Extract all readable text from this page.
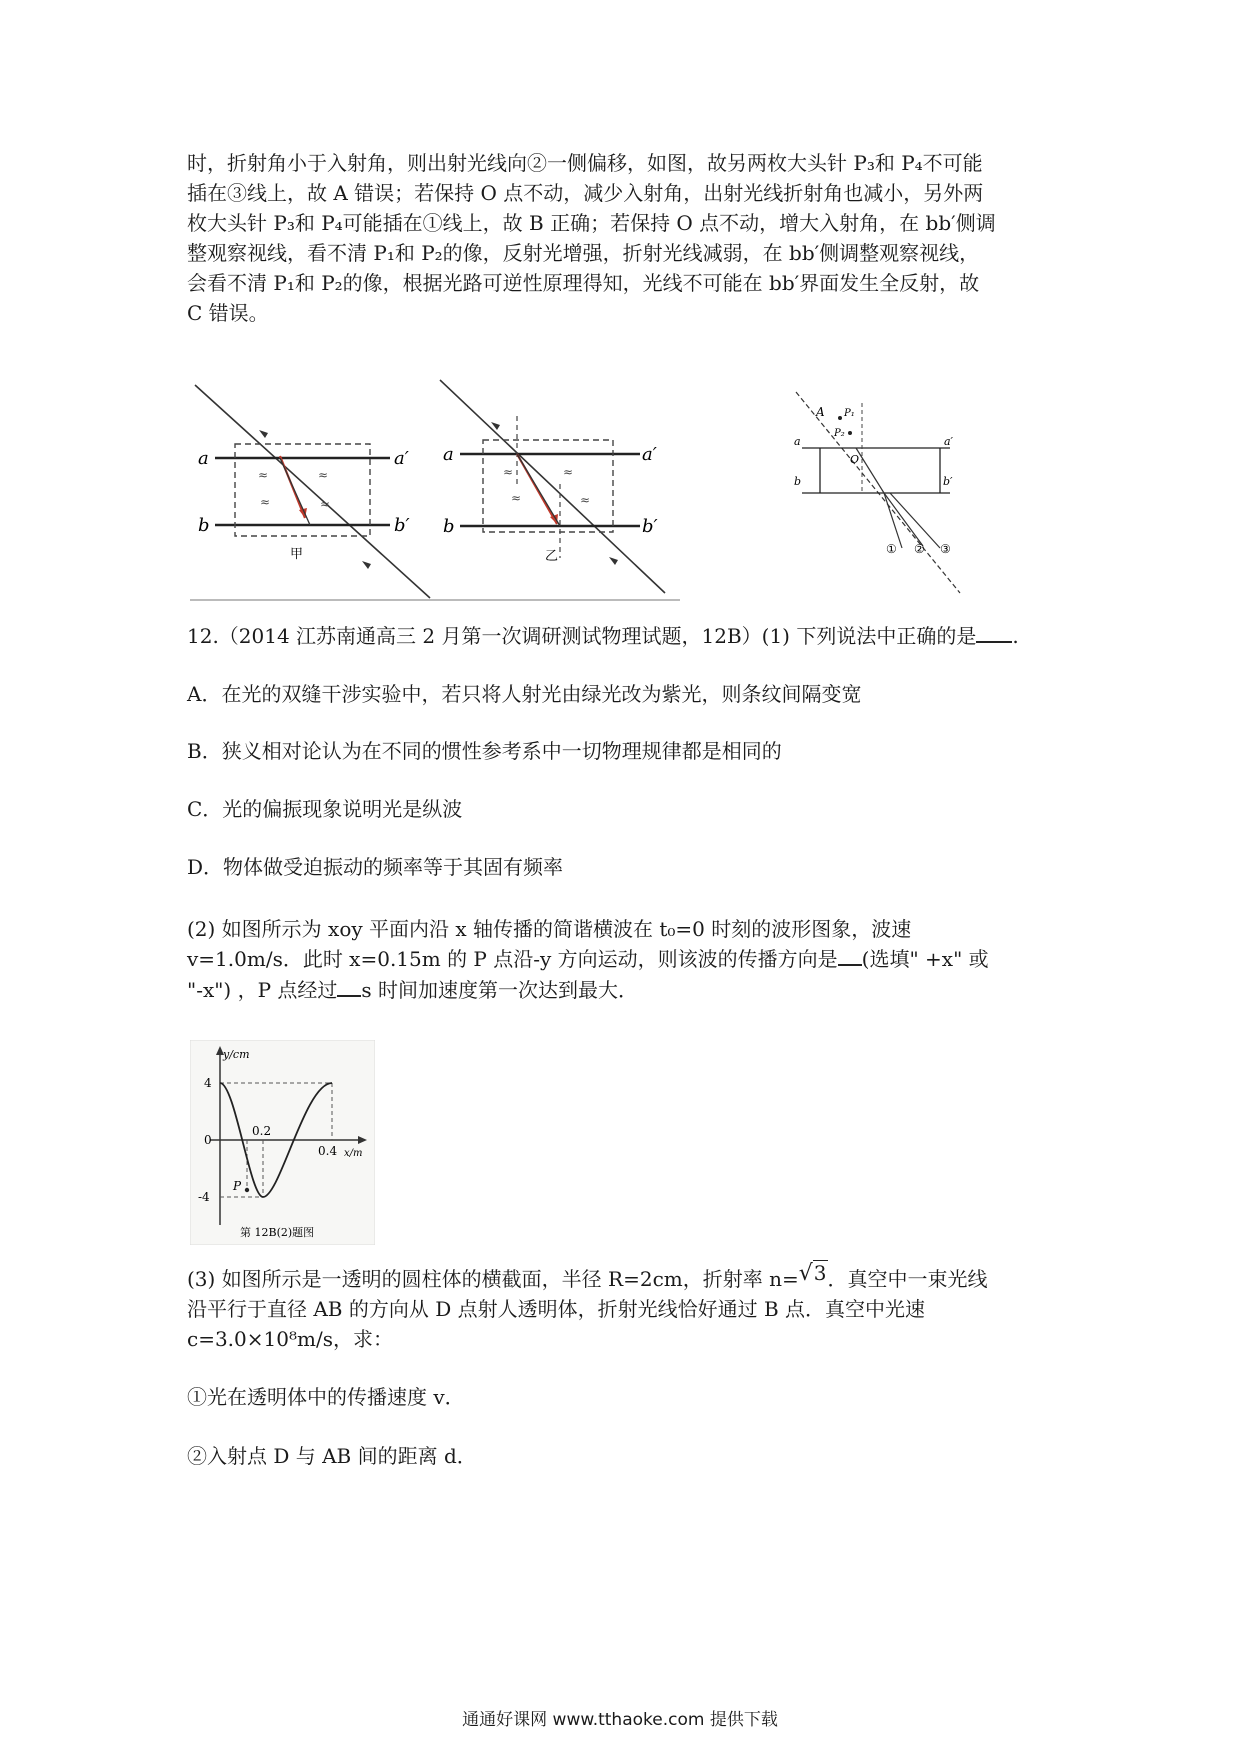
时，折射角小于入射角，则出射光线向②一侧偏移，如图，故另两枚大头针 P₃和 P₄不可能
插在③线上，故 A 错误；若保持 O 点不动，减少入射角，出射光线折射角也减小，另外两
枚大头针 P₃和 P₄可能插在①线上，故 B 正确；若保持 O 点不动，增大入射角，在 bb′侧调
整观察视线，看不清 P₁和 P₂的像，反射光增强，折射光线减弱，在 bb′侧调整观察视线，
会看不清 P₁和 P₂的像，根据光路可逆性原理得知，光线不可能在 bb′界面发生全反射，故
C 错误。
≈	≈
≈	≈
a	a′
b	b′
甲
≈	≈
≈	≈
a	a′
b	b′
乙
A P₁
P₂
a	a′
O
b	b′
① ② ③
12.（2014 江苏南通高三 2 月第一次调研测试物理试题，12B）(1) 下列说法中正确的是 .
A．在光的双缝干涉实验中，若只将人射光由绿光改为紫光，则条纹间隔变宽
B．狭义相对论认为在不同的惯性参考系中一切物理规律都是相同的
C．光的偏振现象说明光是纵波
D．物体做受迫振动的频率等于其固有频率
(2) 如图所示为 xoy 平面内沿 x 轴传播的简谐横波在 t₀=0 时刻的波形图象，波速
v=1.0m/s．此时 x=0.15m 的 P 点沿-y 方向运动，则该波的传播方向是 (选填" +x" 或
"-x") ，P 点经过 s 时间加速度第一次达到最大．
y/cm
x/m
4
0
-4
0.2
0.4
P
第 12B(2)题图
(3) 如图所示是一透明的圆柱体的横截面，半径 R=2cm，折射率 n=√3．真空中一束光线
沿平行于直径 AB 的方向从 D 点射人透明体，折射光线恰好通过 B 点．真空中光速
c=3.0×10⁸m/s，求：
①光在透明体中的传播速度 v．
②入射点 D 与 AB 间的距离 d．
通通好课网 www.tthaoke.com 提供下载
